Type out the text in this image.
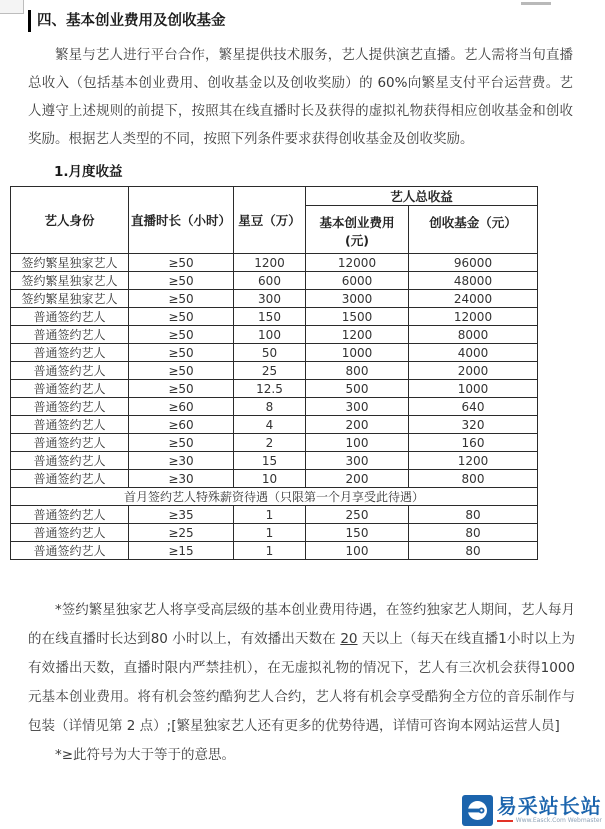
四、基本创业费用及创收基金

繁星与艺人进行平台合作，繁星提供技术服务，艺人提供演艺直播。艺人需将当旬直播总收入（包括基本创业费用、创收基金以及创收奖励）的 60%向繁星支付平台运营费。艺人遵守上述规则的前提下，按照其在线直播时长及获得的虚拟礼物获得相应创收基金和创收奖励。根据艺人类型的不同，按照下列条件要求获得创收基金及创收奖励。

1.月度收益

艺人身份	直播时长（小时）	星豆（万）	艺人总收益	
			基本创业费用(元)	创收基金（元）
签约繁星独家艺人	≥50	1200	12000	96000
签约繁星独家艺人	≥50	600	6000	48000
签约繁星独家艺人	≥50	300	3000	24000
普通签约艺人	≥50	150	1500	12000
普通签约艺人	≥50	100	1200	8000
普通签约艺人	≥50	50	1000	4000
普通签约艺人	≥50	25	800	2000
普通签约艺人	≥50	12.5	500	1000
普通签约艺人	≥60	8	300	640
普通签约艺人	≥60	4	200	320
普通签约艺人	≥50	2	100	160
普通签约艺人	≥30	15	300	1200
普通签约艺人	≥30	10	200	800
首月签约艺人特殊薪资待遇（只限第一个月享受此待遇）				
普通签约艺人	≥35	1	250	80
普通签约艺人	≥25	1	150	80
普通签约艺人	≥15	1	100	80

*签约繁星独家艺人将享受高层级的基本创业费用待遇，在签约独家艺人期间，艺人每月的在线直播时长达到80 小时以上，有效播出天数在 20 天以上（每天在线直播1小时以上为有效播出天数，直播时限内严禁挂机），在无虚拟礼物的情况下，艺人有三次机会获得1000 元基本创业费用。将有机会签约酷狗艺人合约，艺人将有机会享受酷狗全方位的音乐制作与包装（详情见第 2 点）;[繁星独家艺人还有更多的优势待遇，详情可咨询本网站运营人员]

*≥此符号为大于等于的意思。

易采站长站
Www.Easck.Com Webmaster
